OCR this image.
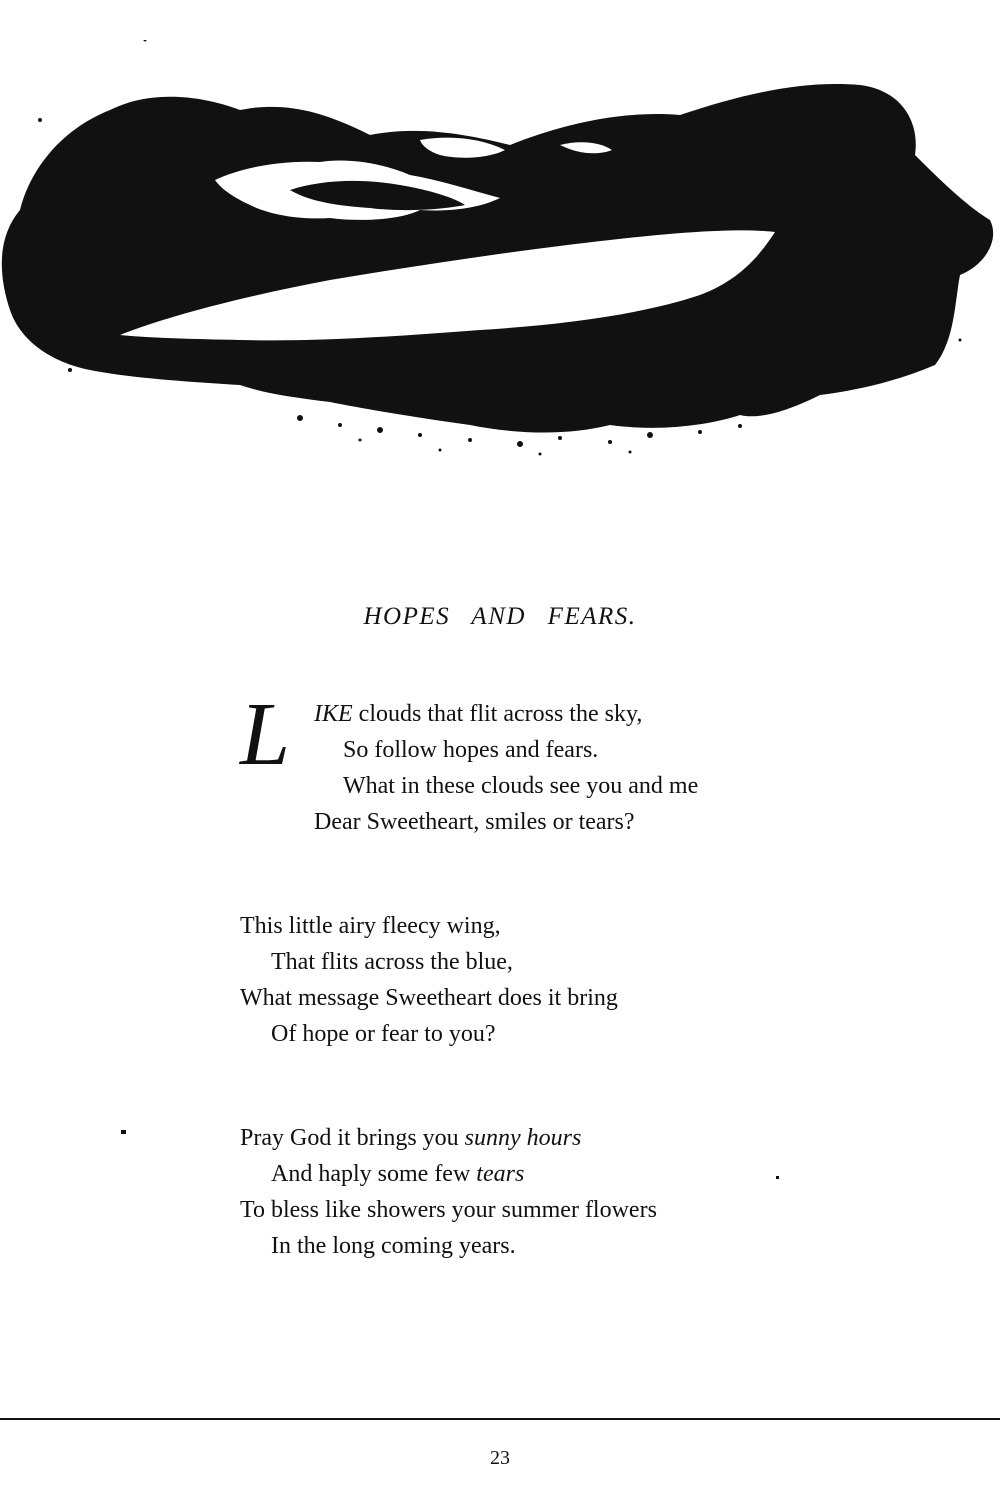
HOPES AND FEARS.
L IKE clouds that flit across the sky,
So follow hopes and fears.
What in these clouds see you and me
Dear Sweetheart, smiles or tears?
This little airy fleecy wing,
That flits across the blue,
What message Sweetheart does it bring
Of hope or fear to you?
Pray God it brings you sunny hours
And haply some few tears
To bless like showers your summer flowers
In the long coming years.
23
